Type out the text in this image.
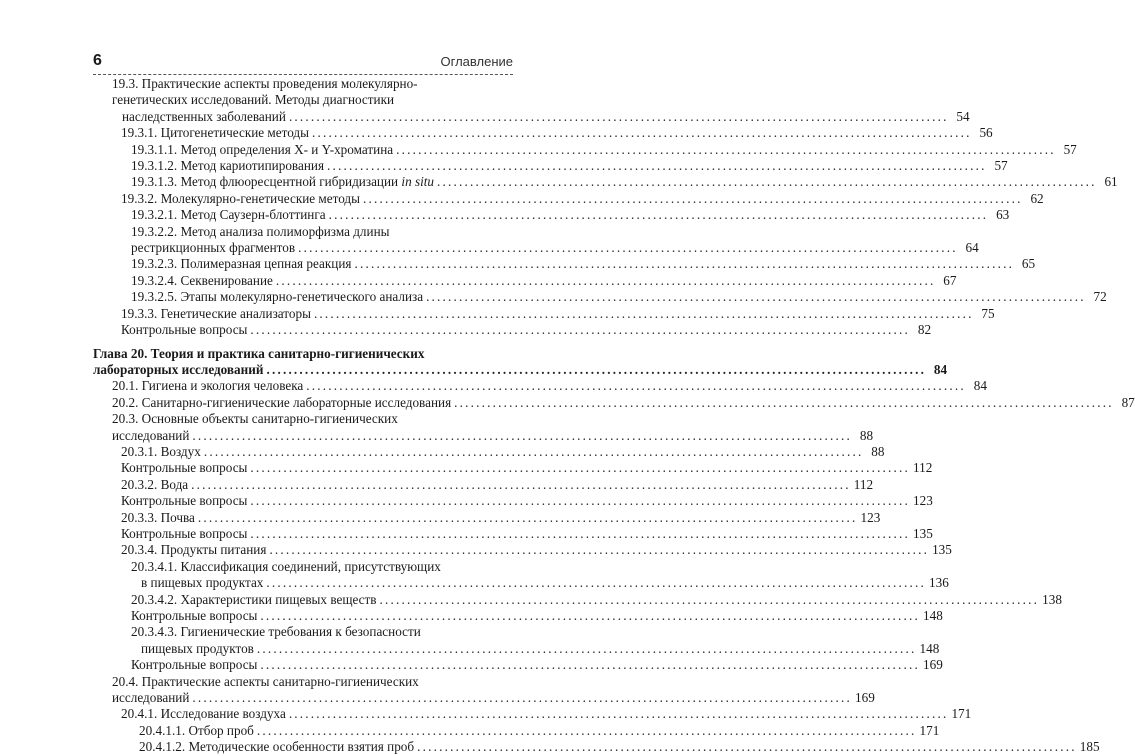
6	Оглавление
19.3. Практические аспекты проведения молекулярно-
генетических исследований. Методы диагностики
наследственных заболеваний ........................................................................................................................ 54
19.3.1. Цитогенетические методы ........................................................................................................................ 56
19.3.1.1. Метод определения X- и Y-хроматина ........................................................................................................................ 57
19.3.1.2. Метод кариотипирования ........................................................................................................................ 57
19.3.1.3. Метод флюоресцентной гибридизации in situ ........................................................................................................................ 61
19.3.2. Молекулярно-генетические методы ........................................................................................................................ 62
19.3.2.1. Метод Саузерн-блоттинга ........................................................................................................................ 63
19.3.2.2. Метод анализа полиморфизма длины
рестрикционных фрагментов ........................................................................................................................ 64
19.3.2.3. Полимеразная цепная реакция ........................................................................................................................ 65
19.3.2.4. Секвенирование ........................................................................................................................ 67
19.3.2.5. Этапы молекулярно-генетического анализа ........................................................................................................................ 72
19.3.3. Генетические анализаторы ........................................................................................................................ 75
Контрольные вопросы ........................................................................................................................ 82
Глава 20. Теория и практика санитарно-гигиенических
лабораторных исследований ........................................................................................................................ 84
20.1. Гигиена и экология человека ........................................................................................................................ 84
20.2. Санитарно-гигиенические лабораторные исследования ........................................................................................................................ 87
20.3. Основные объекты санитарно-гигиенических
исследований ........................................................................................................................ 88
20.3.1. Воздух ........................................................................................................................ 88
Контрольные вопросы ........................................................................................................................ 112
20.3.2. Вода ........................................................................................................................ 112
Контрольные вопросы ........................................................................................................................ 123
20.3.3. Почва ........................................................................................................................ 123
Контрольные вопросы ........................................................................................................................ 135
20.3.4. Продукты питания ........................................................................................................................ 135
20.3.4.1. Классификация соединений, присутствующих
в пищевых продуктах ........................................................................................................................ 136
20.3.4.2. Характеристики пищевых веществ ........................................................................................................................ 138
Контрольные вопросы ........................................................................................................................ 148
20.3.4.3. Гигиенические требования к безопасности
пищевых продуктов ........................................................................................................................ 148
Контрольные вопросы ........................................................................................................................ 169
20.4. Практические аспекты санитарно-гигиенических
исследований ........................................................................................................................ 169
20.4.1. Исследование воздуха ........................................................................................................................ 171
20.4.1.1. Отбор проб ........................................................................................................................ 171
20.4.1.2. Методические особенности взятия проб ........................................................................................................................ 185
